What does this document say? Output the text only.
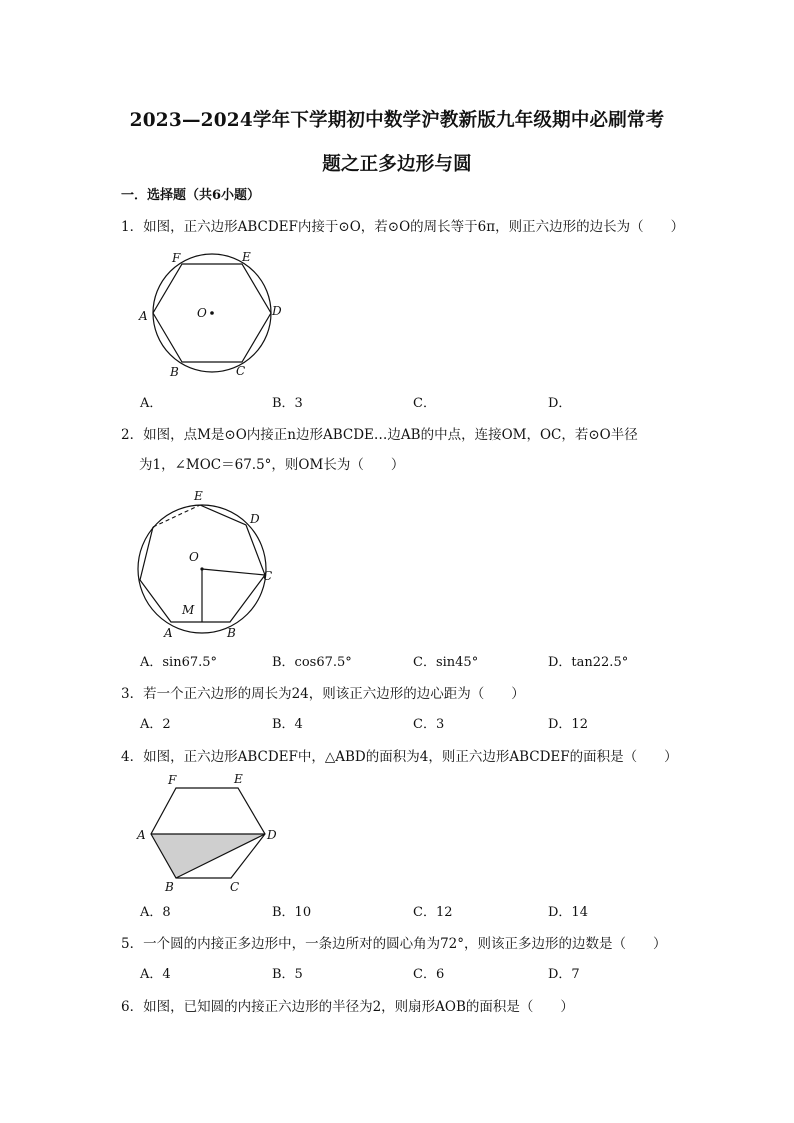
2023—2024学年下学期初中数学沪教新版九年级期中必刷常考
题之正多边形与圆
一．选择题（共6小题）
1．如图，正六边形ABCDEF内接于⊙O，若⊙O的周长等于6π，则正六边形的边长为（　　）
F	E
A	O	D
B	C
A．	B．3	C．	D．
2．如图，点M是⊙O内接正n边形ABCDE…边AB的中点，连接OM，OC，若⊙O半径
为1，∠MOC＝67.5°，则OM长为（　　）
E
D
O
C
M
A	B
A．sin67.5°	B．cos67.5°	C．sin45°	D．tan22.5°
3．若一个正六边形的周长为24，则该正六边形的边心距为（　　）
A．2	B．4	C．3	D．12
4．如图，正六边形ABCDEF中，△ABD的面积为4，则正六边形ABCDEF的面积是（　　）
F	E
A	D
B	C
A．8	B．10	C．12	D．14
5．一个圆的内接正多边形中，一条边所对的圆心角为72°，则该正多边形的边数是（　　）
A．4	B．5	C．6	D．7
6．如图，已知圆的内接正六边形的半径为2，则扇形AOB的面积是（　　）
